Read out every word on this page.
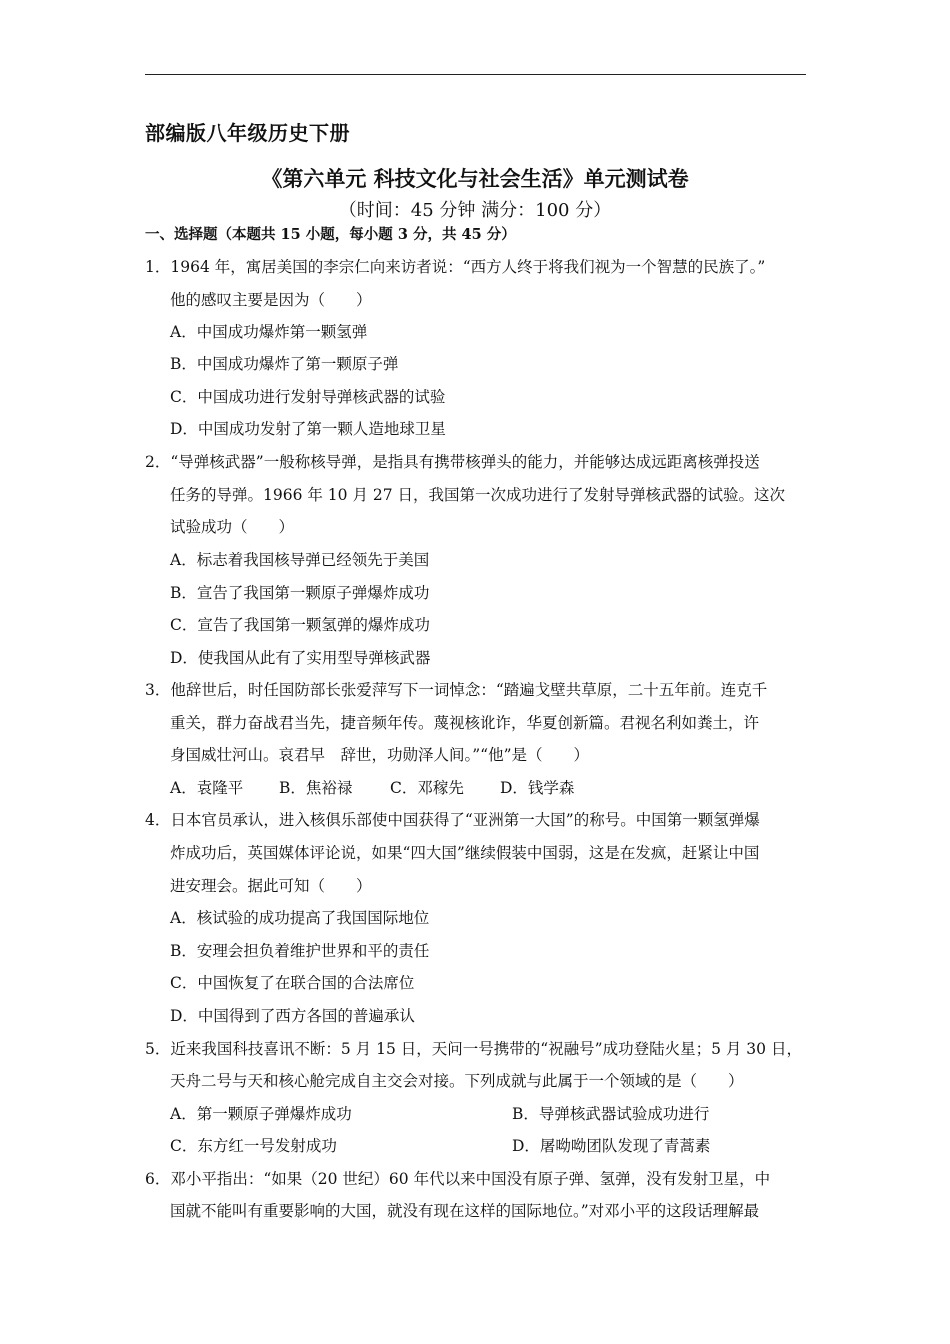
部编版八年级历史下册
《第六单元 科技文化与社会生活》单元测试卷
（时间：45 分钟 满分：100 分）
一、选择题（本题共 15 小题，每小题 3 分，共 45 分）
1．1964 年，寓居美国的李宗仁向来访者说：“西方人终于将我们视为一个智慧的民族了。”
他的感叹主要是因为（　　）
A．中国成功爆炸第一颗氢弹
B．中国成功爆炸了第一颗原子弹
C．中国成功进行发射导弹核武器的试验
D．中国成功发射了第一颗人造地球卫星
2．“导弹核武器”一般称核导弹，是指具有携带核弹头的能力，并能够达成远距离核弹投送
任务的导弹。1966 年 10 月 27 日，我国第一次成功进行了发射导弹核武器的试验。这次
试验成功（　　）
A．标志着我国核导弹已经领先于美国
B．宣告了我国第一颗原子弹爆炸成功
C．宣告了我国第一颗氢弹的爆炸成功
D．使我国从此有了实用型导弹核武器
3．他辞世后，时任国防部长张爱萍写下一词悼念：“踏遍戈壁共草原，二十五年前。连克千
重关，群力奋战君当先，捷音频年传。蔑视核讹诈，华夏创新篇。君视名利如粪土，许
身国威壮河山。哀君早　辞世，功勋泽人间。”“他”是（　　）
A．袁隆平 B．焦裕禄 C．邓稼先 D．钱学森
4．日本官员承认，进入核俱乐部使中国获得了“亚洲第一大国”的称号。中国第一颗氢弹爆
炸成功后，英国媒体评论说，如果“四大国”继续假装中国弱，这是在发疯，赶紧让中国
进安理会。据此可知（　　）
A．核试验的成功提高了我国国际地位
B．安理会担负着维护世界和平的责任
C．中国恢复了在联合国的合法席位
D．中国得到了西方各国的普遍承认
5．近来我国科技喜讯不断：5 月 15 日，天问一号携带的“祝融号”成功登陆火星；5 月 30 日，
天舟二号与天和核心舱完成自主交会对接。下列成就与此属于一个领域的是（　　）
A．第一颗原子弹爆炸成功	B．导弹核武器试验成功进行
C．东方红一号发射成功	D．屠呦呦团队发现了青蒿素
6．邓小平指出：“如果（20 世纪）60 年代以来中国没有原子弹、氢弹，没有发射卫星，中
国就不能叫有重要影响的大国，就没有现在这样的国际地位。”对邓小平的这段话理解最
